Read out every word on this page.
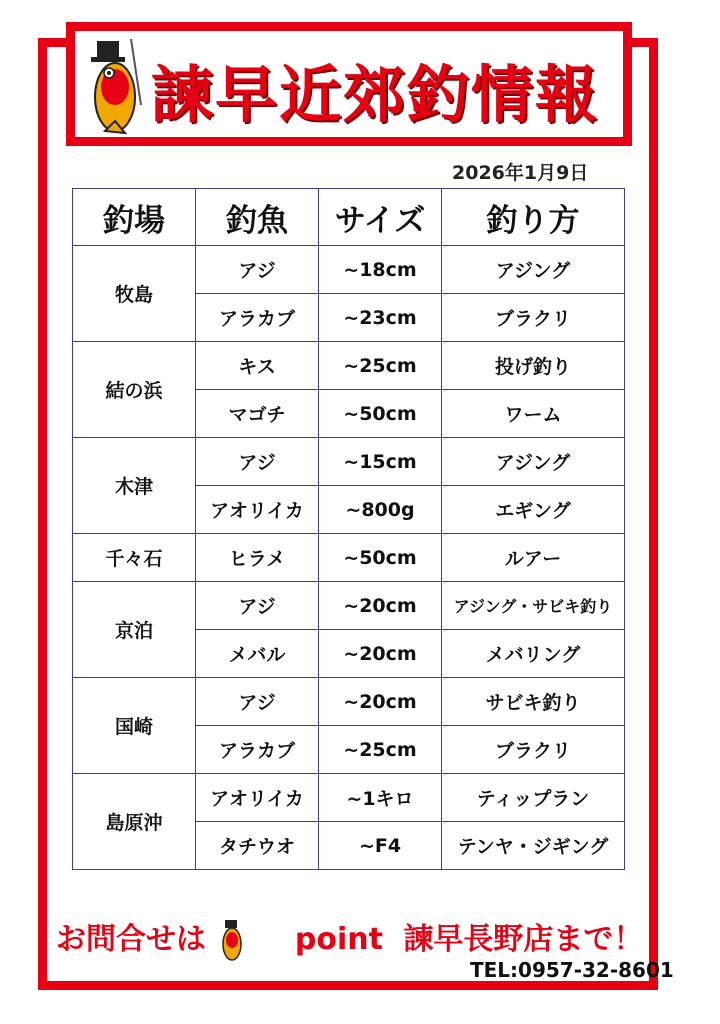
諫早近郊釣情報
2026年1月9日
釣場	釣魚	サイズ	釣り方
牧島	アジ	~18cm	アジング
	アラカブ	~23cm	ブラクリ
結の浜	キス	~25cm	投げ釣り
	マゴチ	~50cm	ワーム
木津	アジ	~15cm	アジング
	アオリイカ	~800g	エギング
千々石	ヒラメ	~50cm	ルアー
京泊	アジ	~20cm	アジング・サビキ釣り
	メバル	~20cm	メバリング
国崎	アジ	~20cm	サビキ釣り
	アラカブ	~25cm	ブラクリ
島原沖	アオリイカ	~1キロ	ティップラン
	タチウオ	~F4	テンヤ・ジギング
お問合せは	point 諫早長野店まで！
TEL:0957-32-8601
